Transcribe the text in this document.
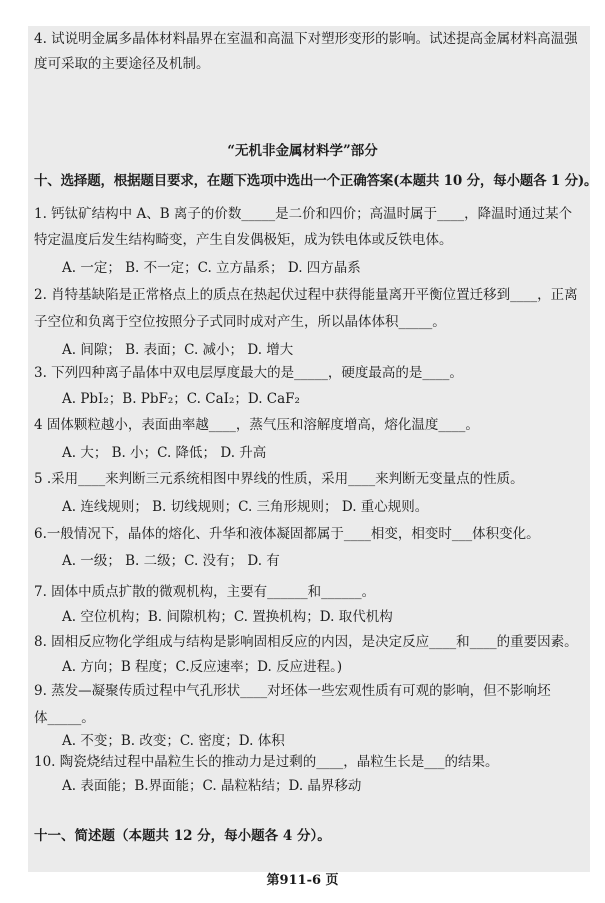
4. 试说明金属多晶体材料晶界在室温和高温下对塑形变形的影响。试述提高金属材料高温强
度可采取的主要途径及机制。
“无机非金属材料学”部分
十、选择题，根据题目要求，在题下选项中选出一个正确答案(本题共 10 分，每小题各 1 分)。
1. 钙钛矿结构中 A、B 离子的价数_____是二价和四价；高温时属于____，降温时通过某个
特定温度后发生结构畸变，产生自发偶极矩，成为铁电体或反铁电体。
A. 一定； B. 不一定；C. 立方晶系； D. 四方晶系
2. 肖特基缺陷是正常格点上的质点在热起伏过程中获得能量离开平衡位置迁移到____，正离
子空位和负离于空位按照分子式同时成对产生，所以晶体体积_____。
A. 间隙； B. 表面；C. 减小； D. 增大
3. 下列四种离子晶体中双电层厚度最大的是_____，硬度最高的是____。
A. PbI₂；B. PbF₂；C. CaI₂；D. CaF₂
4 固体颗粒越小，表面曲率越____，蒸气压和溶解度增高，熔化温度____。
A. 大； B. 小；C. 降低； D. 升高
5 .采用____来判断三元系统相图中界线的性质，采用____来判断无变量点的性质。
A. 连线规则； B. 切线规则；C. 三角形规则； D. 重心规则。
6.一般情况下，晶体的熔化、升华和液体凝固都属于____相变，相变时___体积变化。
A. 一级； B. 二级；C. 没有； D. 有
7. 固体中质点扩散的微观机构，主要有______和______。
A. 空位机构；B. 间隙机构；C. 置换机构；D. 取代机构
8. 固相反应物化学组成与结构是影响固相反应的内因，是决定反应____和____的重要因素。
A. 方向；B 程度；C.反应速率；D. 反应进程。)
9. 蒸发—凝聚传质过程中气孔形状____对坯体一些宏观性质有可观的影响，但不影响坯
体_____。
A. 不变；B. 改变；C. 密度；D. 体积
10. 陶瓷烧结过程中晶粒生长的推动力是过剩的____，晶粒生长是___的结果。
A. 表面能；B.界面能；C. 晶粒粘结；D. 晶界移动
十一、简述题（本题共 12 分，每小题各 4 分）。
第911-6 页
